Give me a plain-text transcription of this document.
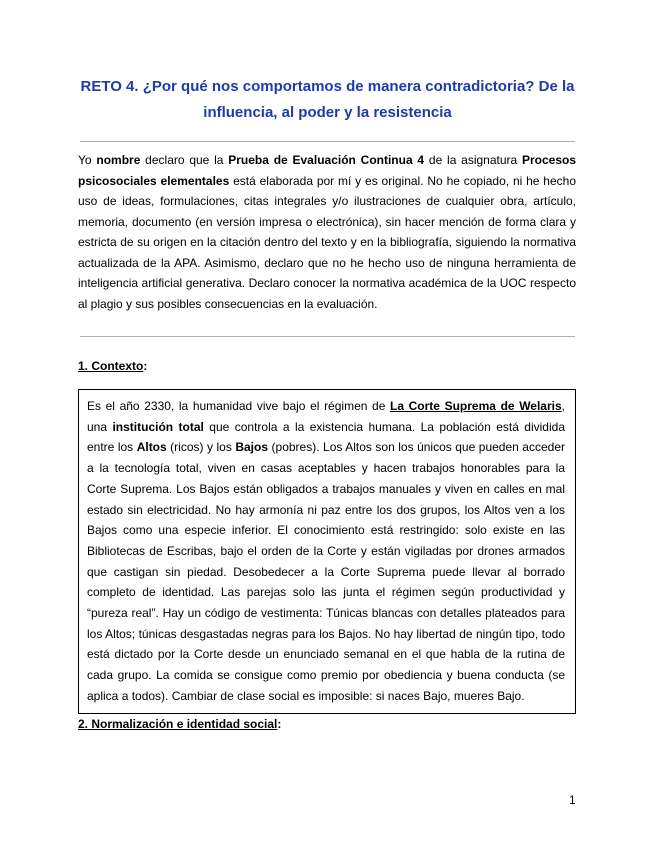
RETO 4. ¿Por qué nos comportamos de manera contradictoria? De la
influencia, al poder y la resistencia

Yo nombre declaro que la Prueba de Evaluación Continua 4 de la asignatura Procesos psicosociales elementales está elaborada por mí y es original. No he copiado, ni he hecho uso de ideas, formulaciones, citas integrales y/o ilustraciones de cualquier obra, artículo, memoria, documento (en versión impresa o electrónica), sin hacer mención de forma clara y estricta de su origen en la citación dentro del texto y en la bibliografía, siguiendo la normativa actualizada de la APA. Asimismo, declaro que no he hecho uso de ninguna herramienta de inteligencia artificial generativa. Declaro conocer la normativa académica de la UOC respecto al plagio y sus posibles consecuencias en la evaluación.

1. Contexto:

Es el año 2330, la humanidad vive bajo el régimen de La Corte Suprema de Welaris, una institución total que controla a la existencia humana. La población está dividida entre los Altos (ricos) y los Bajos (pobres). Los Altos son los únicos que pueden acceder a la tecnología total, viven en casas aceptables y hacen trabajos honorables para la Corte Suprema. Los Bajos están obligados a trabajos manuales y viven en calles en mal estado sin electricidad. No hay armonía ni paz entre los dos grupos, los Altos ven a los Bajos como una especie inferior. El conocimiento está restringido: solo existe en las Bibliotecas de Escribas, bajo el orden de la Corte y están vigiladas por drones armados que castigan sin piedad. Desobedecer a la Corte Suprema puede llevar al borrado completo de identidad. Las parejas solo las junta el régimen según productividad y “pureza real”. Hay un código de vestimenta: Túnicas blancas con detalles plateados para los Altos; túnicas desgastadas negras para los Bajos. No hay libertad de ningún tipo, todo está dictado por la Corte desde un enunciado semanal en el que habla de la rutina de cada grupo. La comida se consigue como premio por obediencia y buena conducta (se aplica a todos). Cambiar de clase social es imposible: si naces Bajo, mueres Bajo.

2. Normalización e identidad social:

1
